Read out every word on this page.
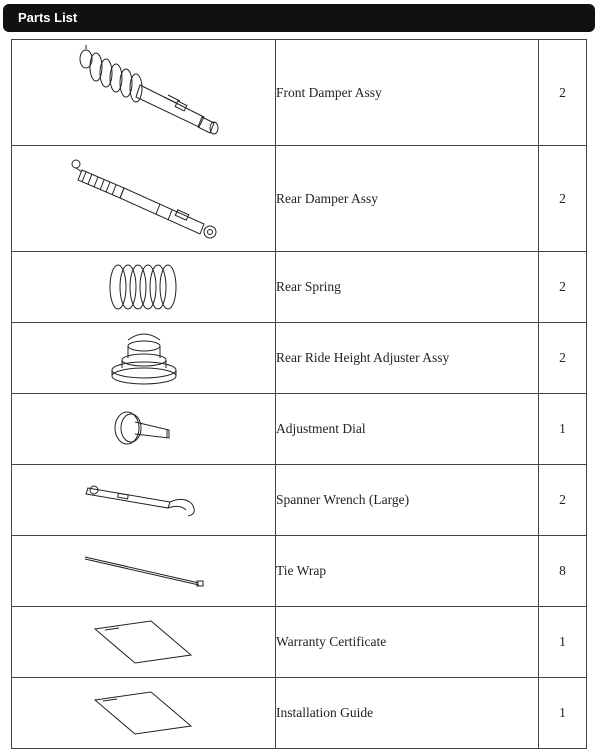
Parts List
	Front Damper Assy	2

	Rear Damper Assy	2

	Rear Spring	2

	Rear Ride Height Adjuster Assy	2

	Adjustment Dial	1

	Spanner Wrench (Large)	2

	Tie Wrap	8

	Warranty Certificate	1

	Installation Guide	1
